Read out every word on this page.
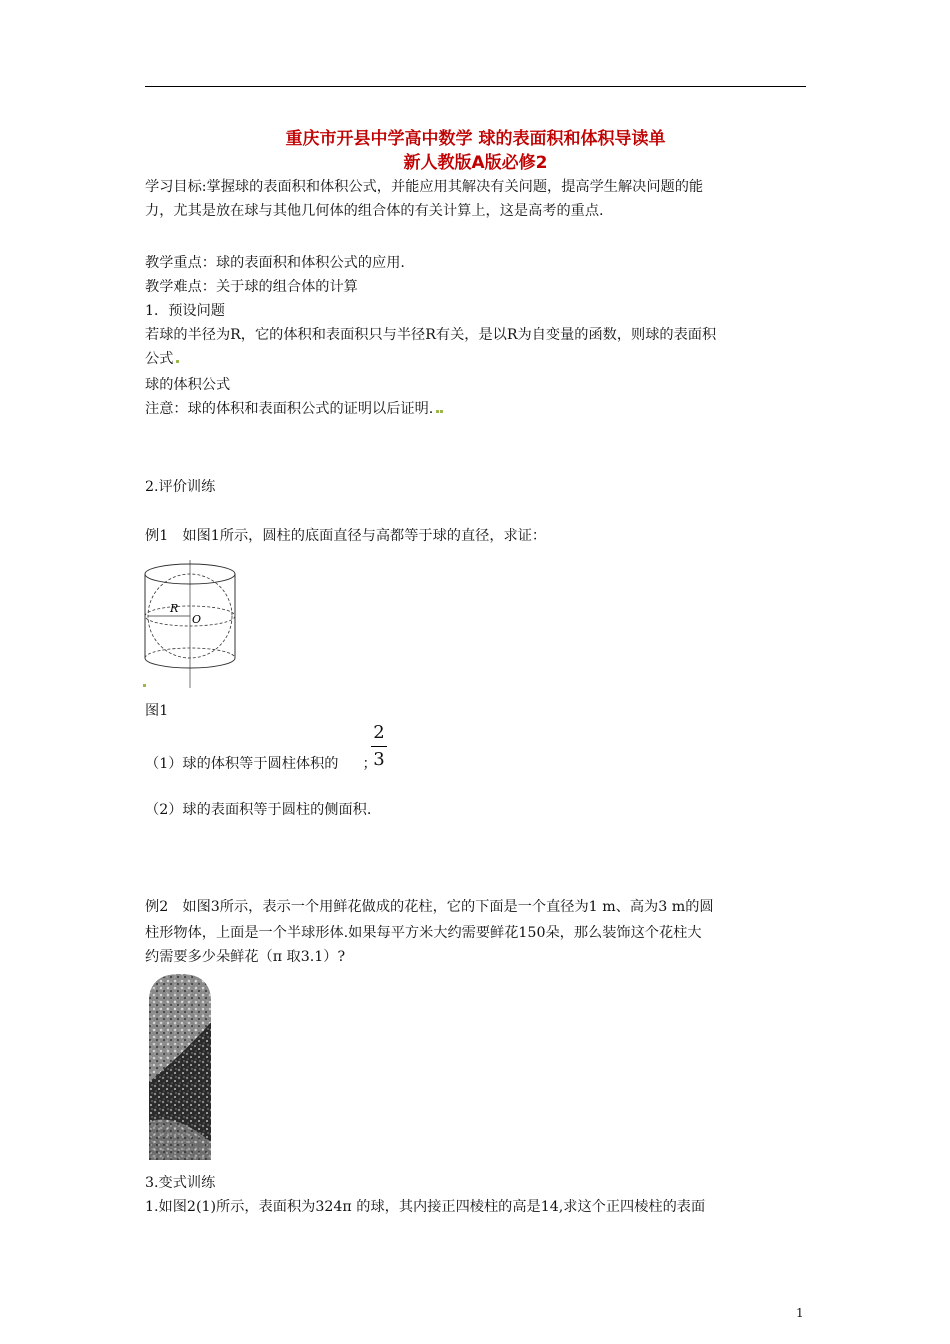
重庆市开县中学高中数学 球的表面积和体积导读单
新人教版A版必修2
学习目标:掌握球的表面积和体积公式，并能应用其解决有关问题，提高学生解决问题的能
力，尤其是放在球与其他几何体的组合体的有关计算上，这是高考的重点.
教学重点：球的表面积和体积公式的应用.
教学难点：关于球的组合体的计算
1．预设问题
若球的半径为R，它的体积和表面积只与半径R有关，是以R为自变量的函数，则球的表面积
公式
球的体积公式
注意：球的体积和表面积公式的证明以后证明.
2.评价训练
例1　如图1所示，圆柱的底面直径与高都等于球的直径，求证：
R
O
图1
2
3
（1）球的体积等于圆柱体积的 ；
（2）球的表面积等于圆柱的侧面积.
例2　如图3所示，表示一个用鲜花做成的花柱，它的下面是一个直径为1 m、高为3 m的圆
柱形物体，上面是一个半球形体.如果每平方米大约需要鲜花150朵，那么装饰这个花柱大
约需要多少朵鲜花（π 取3.1）?
3.变式训练
1.如图2(1)所示，表面积为324π 的球，其内接正四棱柱的高是14,求这个正四棱柱的表面
1
